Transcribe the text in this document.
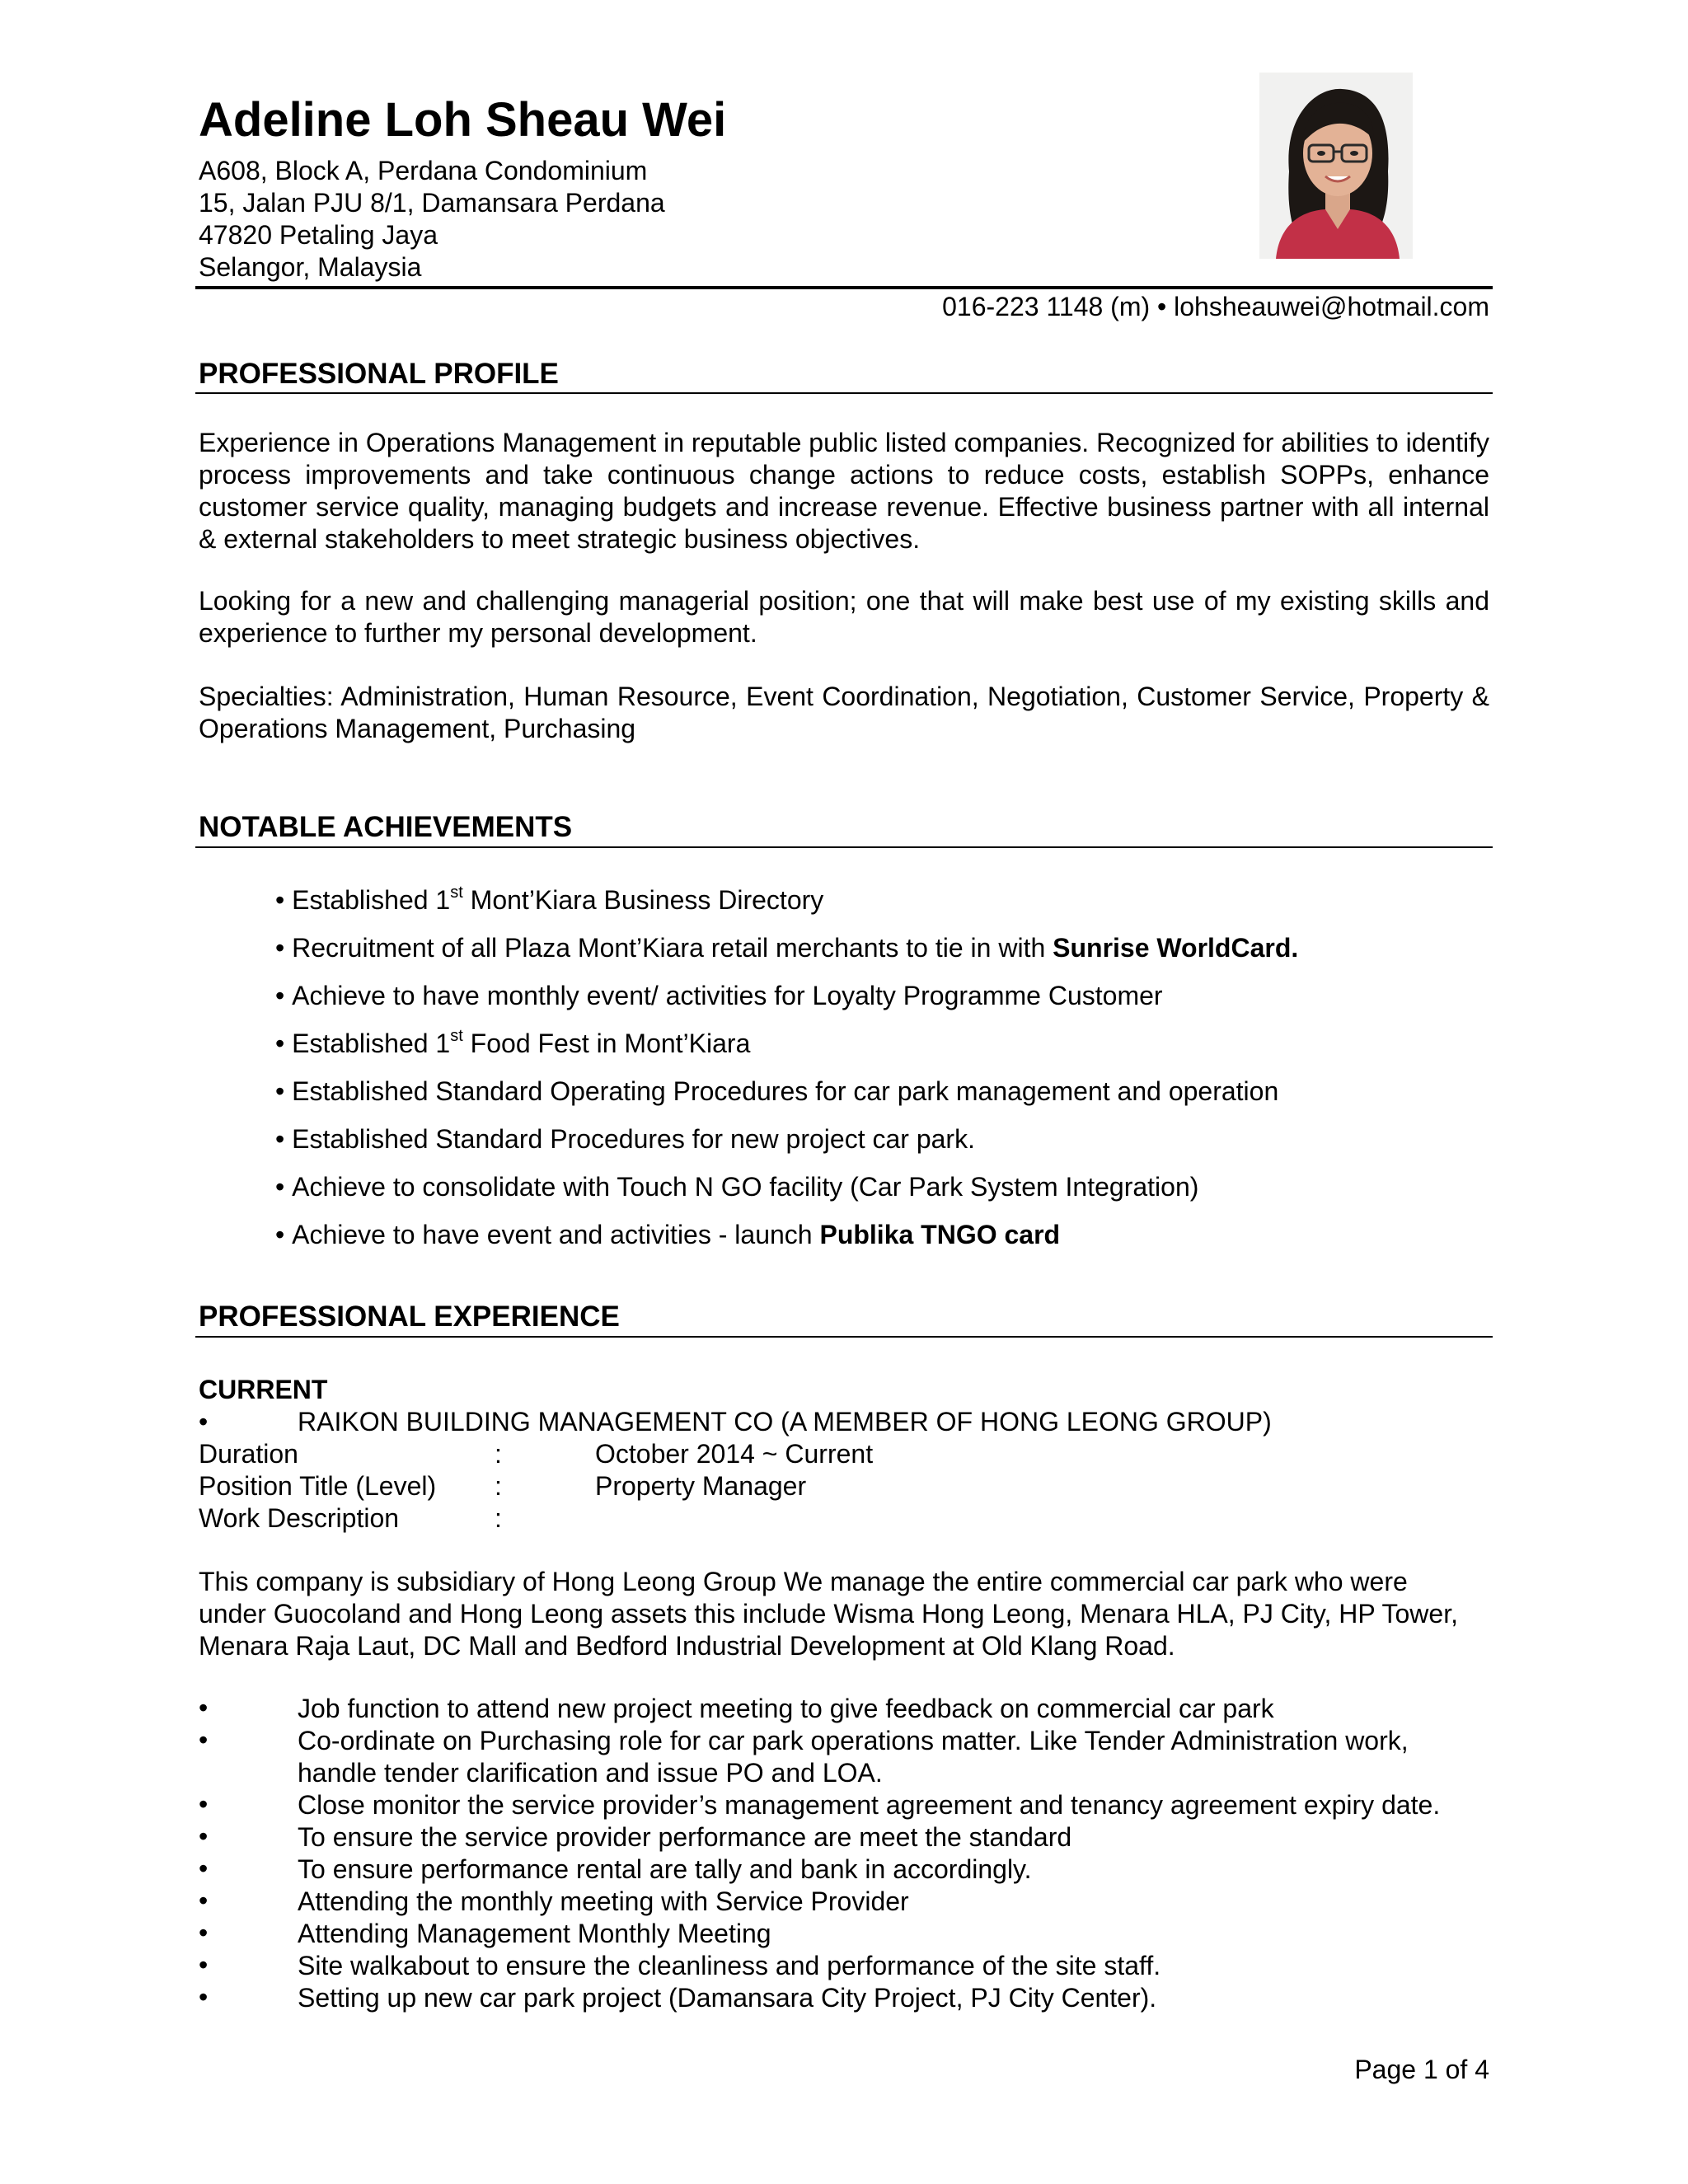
Adeline Loh Sheau Wei
A608, Block A, Perdana Condominium
15, Jalan PJU 8/1, Damansara Perdana
47820 Petaling Jaya
Selangor, Malaysia
016-223 1148 (m) • lohsheauwei@hotmail.com
PROFESSIONAL PROFILE
Experience in Operations Management in reputable public listed companies. Recognized for abilities to identify process improvements and take continuous change actions to reduce costs, establish SOPPs, enhance customer service quality, managing budgets and increase revenue. Effective business partner with all internal & external stakeholders to meet strategic business objectives.
Looking for a new and challenging managerial position; one that will make best use of my existing skills and experience to further my personal development.
Specialties: Administration, Human Resource, Event Coordination, Negotiation, Customer Service, Property & Operations Management, Purchasing
NOTABLE ACHIEVEMENTS
• Established 1st Mont’Kiara Business Directory
• Recruitment of all Plaza Mont’Kiara retail merchants to tie in with Sunrise WorldCard.
• Achieve to have monthly event/ activities for Loyalty Programme Customer
• Established 1st Food Fest in Mont’Kiara
• Established Standard Operating Procedures for car park management and operation
• Established Standard Procedures for new project car park.
• Achieve to consolidate with Touch N GO facility (Car Park System Integration)
• Achieve to have event and activities - launch Publika TNGO card
PROFESSIONAL EXPERIENCE
CURRENT
•	RAIKON BUILDING MANAGEMENT CO (A MEMBER OF HONG LEONG GROUP)
Duration	:	October 2014 ~ Current
Position Title (Level) :	Property Manager
Work Description	:
This company is subsidiary of Hong Leong Group We manage the entire commercial car park who were under Guocoland and Hong Leong assets this include Wisma Hong Leong, Menara HLA, PJ City, HP Tower, Menara Raja Laut, DC Mall and Bedford Industrial Development at Old Klang Road.
•	Job function to attend new project meeting to give feedback on commercial car park
•	Co-ordinate on Purchasing role for car park operations matter. Like Tender Administration work, handle tender clarification and issue PO and LOA.
•	Close monitor the service provider’s management agreement and tenancy agreement expiry date.
•	To ensure the service provider performance are meet the standard
•	To ensure performance rental are tally and bank in accordingly.
•	Attending the monthly meeting with Service Provider
•	Attending Management Monthly Meeting
•	Site walkabout to ensure the cleanliness and performance of the site staff.
•	Setting up new car park project (Damansara City Project, PJ City Center).
Page 1 of 4
